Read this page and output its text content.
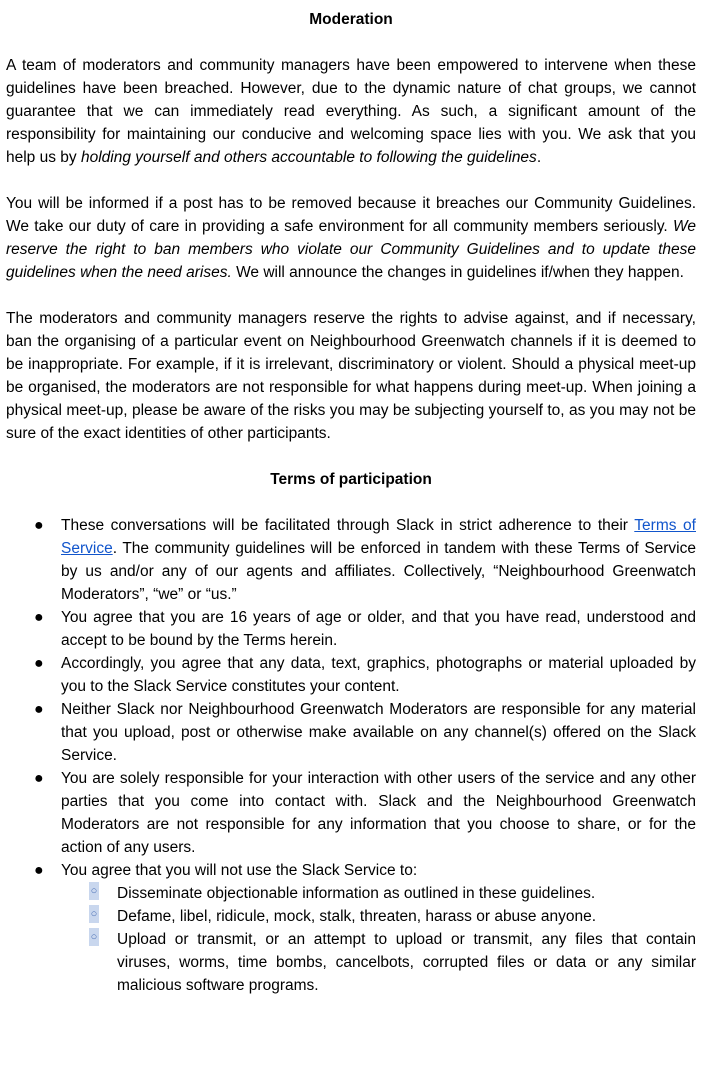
Moderation

A team of moderators and community managers have been empowered to intervene when these guidelines have been breached. However, due to the dynamic nature of chat groups, we cannot guarantee that we can immediately read everything. As such, a significant amount of the responsibility for maintaining our conducive and welcoming space lies with you. We ask that you help us by holding yourself and others accountable to following the guidelines.

You will be informed if a post has to be removed because it breaches our Community Guidelines. We take our duty of care in providing a safe environment for all community members seriously. We reserve the right to ban members who violate our Community Guidelines and to update these guidelines when the need arises. We will announce the changes in guidelines if/when they happen.

The moderators and community managers reserve the rights to advise against, and if necessary, ban the organising of a particular event on Neighbourhood Greenwatch channels if it is deemed to be inappropriate. For example, if it is irrelevant, discriminatory or violent. Should a physical meet-up be organised, the moderators are not responsible for what happens during meet-up. When joining a physical meet-up, please be aware of the risks you may be subjecting yourself to, as you may not be sure of the exact identities of other participants.

Terms of participation
● These conversations will be facilitated through Slack in strict adherence to their Terms of Service. The community guidelines will be enforced in tandem with these Terms of Service by us and/or any of our agents and affiliates. Collectively, “Neighbourhood Greenwatch Moderators”, “we” or “us.”
● You agree that you are 16 years of age or older, and that you have read, understood and accept to be bound by the Terms herein.
● Accordingly, you agree that any data, text, graphics, photographs or material uploaded by you to the Slack Service constitutes your content.
● Neither Slack nor Neighbourhood Greenwatch Moderators are responsible for any material that you upload, post or otherwise make available on any channel(s) offered on the Slack Service.
● You are solely responsible for your interaction with other users of the service and any other parties that you come into contact with. Slack and the Neighbourhood Greenwatch Moderators are not responsible for any information that you choose to share, or for the action of any users.
● You agree that you will not use the Slack Service to:
○ Disseminate objectionable information as outlined in these guidelines.
○ Defame, libel, ridicule, mock, stalk, threaten, harass or abuse anyone.
○ Upload or transmit, or an attempt to upload or transmit, any files that contain viruses, worms, time bombs, cancelbots, corrupted files or data or any similar malicious software programs.
